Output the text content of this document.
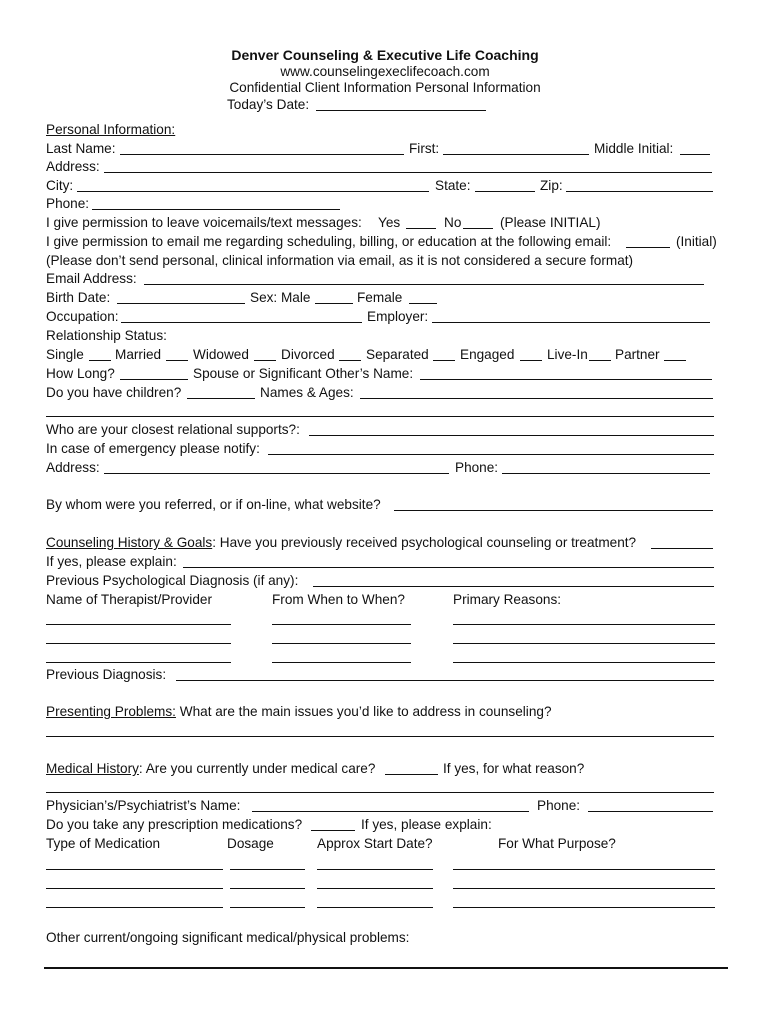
Denver Counseling & Executive Life Coaching
www.counselingexeclifecoach.com
Confidential Client Information Personal Information
Today’s Date:
Personal Information:
Last Name:	First:	Middle Initial:
Address:
City:	State:	Zip:
Phone:
I give permission to leave voicemails/text messages: Yes	No	(Please INITIAL)
I give permission to email me regarding scheduling, billing, or education at the following email:	(Initial)
(Please don’t send personal, clinical information via email, as it is not considered a secure format)
Email Address:
Birth Date:	Sex: Male	Female
Occupation:	Employer:
Relationship Status:
Single Married Widowed Divorced Separated Engaged Live-In Partner
How Long?	Spouse or Significant Other’s Name:
Do you have children?	Names & Ages:
Who are your closest relational supports?:
In case of emergency please notify:
Address:	Phone:
By whom were you referred, or if on-line, what website?
Counseling History & Goals: Have you previously received psychological counseling or treatment?
If yes, please explain:
Previous Psychological Diagnosis (if any):
Name of Therapist/Provider	From When to When?	Primary Reasons:
Previous Diagnosis:
Presenting Problems: What are the main issues you’d like to address in counseling?
Medical History: Are you currently under medical care?	If yes, for what reason?
Physician’s/Psychiatrist’s Name:	Phone:
Do you take any prescription medications?	If yes, please explain:
Type of Medication	Dosage	Approx Start Date?	For What Purpose?
Other current/ongoing significant medical/physical problems:
